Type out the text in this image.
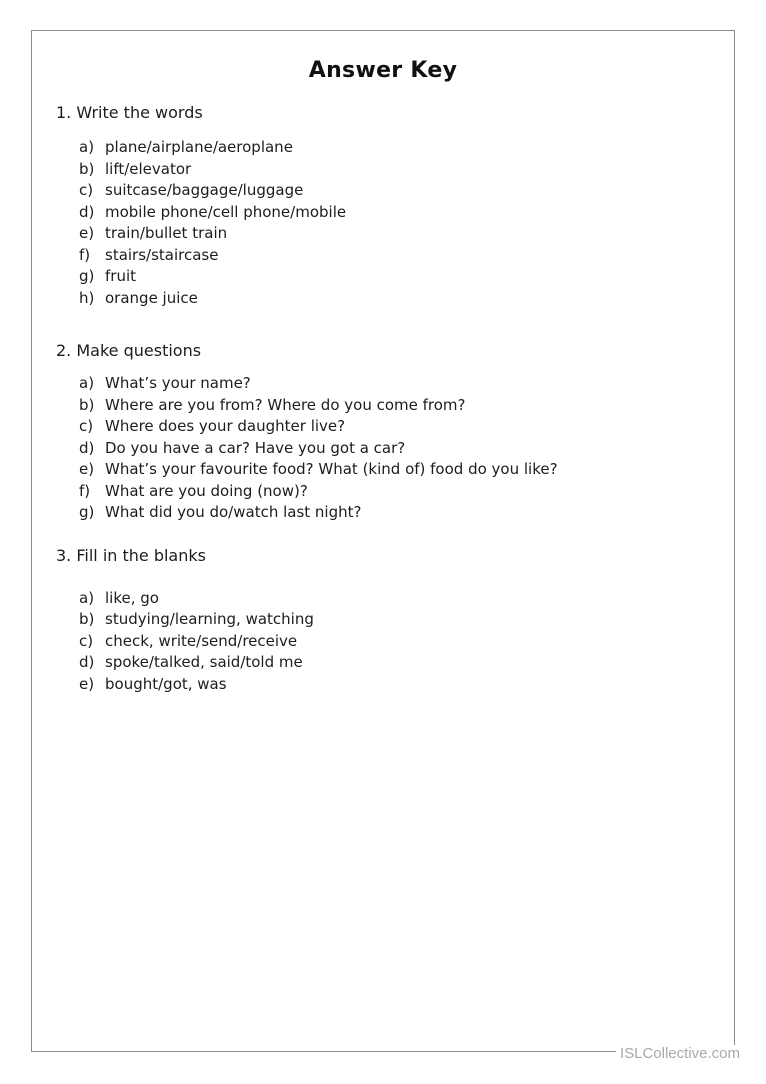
Answer Key

1. Write the words

a) plane/airplane/aeroplane
b) lift/elevator
c) suitcase/baggage/luggage
d) mobile phone/cell phone/mobile
e) train/bullet train
f) stairs/staircase
g) fruit
h) orange juice

2. Make questions

a) What’s your name?
b) Where are you from? Where do you come from?
c) Where does your daughter live?
d) Do you have a car? Have you got a car?
e) What’s your favourite food? What (kind of) food do you like?
f) What are you doing (now)?
g) What did you do/watch last night?

3. Fill in the blanks

a) like, go
b) studying/learning, watching
c) check, write/send/receive
d) spoke/talked, said/told me
e) bought/got, was
ISLCollective.com
